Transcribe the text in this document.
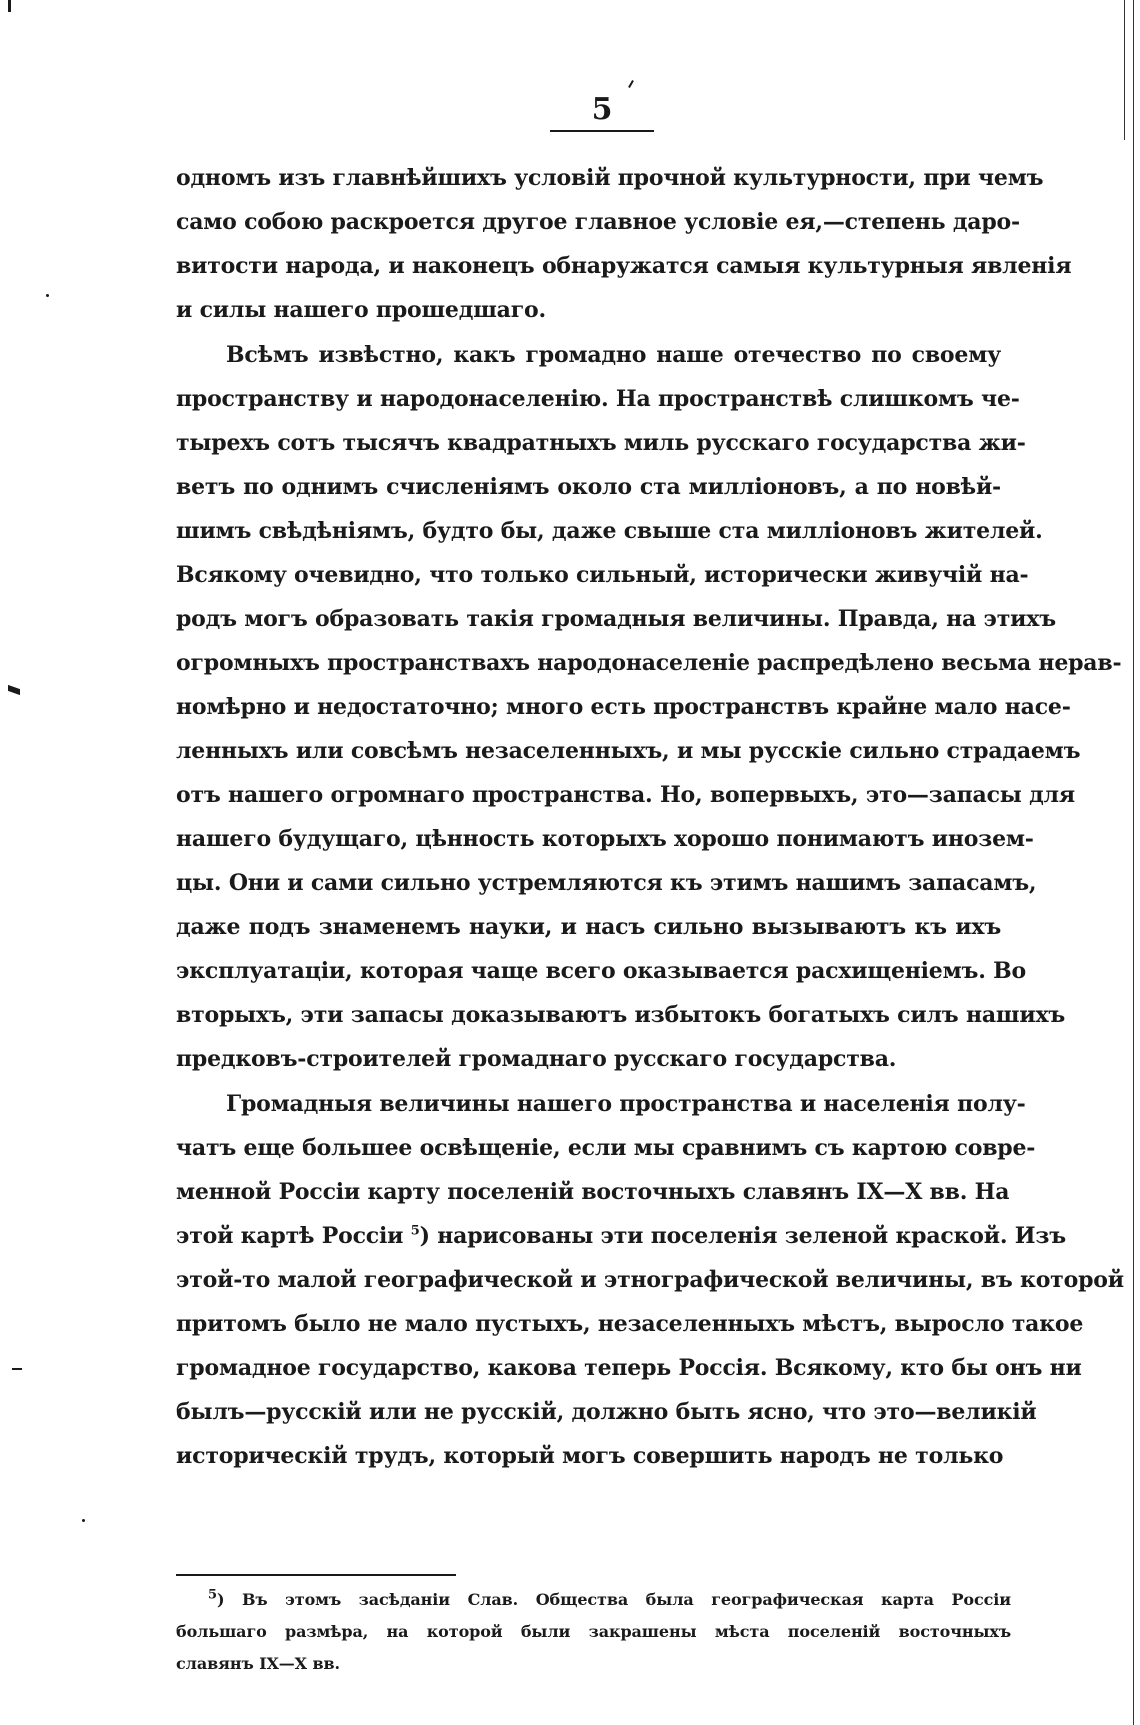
5
одномъ изъ главнѣйшихъ условій прочной культурности, при чемъ
само собою раскроется другое главное условіе ея,—степень даро-
витости народа, и наконецъ обнаружатся самыя культурныя явленія
и силы нашего прошедшаго.
Всѣмъ извѣстно, какъ громадно наше отечество по своему
пространству и народонаселенію. На пространствѣ слишкомъ че-
тырехъ сотъ тысячъ квадратныхъ миль русскаго государства жи-
ветъ по однимъ счисленіямъ около ста милліоновъ, а по новѣй-
шимъ свѣдѣніямъ, будто бы, даже свыше ста милліоновъ жителей.
Всякому очевидно, что только сильный, исторически живучій на-
родъ могъ образовать такія громадныя величины. Правда, на этихъ
огромныхъ пространствахъ народонаселеніе распредѣлено весьма нерав-
номѣрно и недостаточно; много есть пространствъ крайне мало насе-
ленныхъ или совсѣмъ незаселенныхъ, и мы русскіе сильно страдаемъ
отъ нашего огромнаго пространства. Но, вопервыхъ, это—запасы для
нашего будущаго, цѣнность которыхъ хорошо понимаютъ инозем-
цы. Они и сами сильно устремляются къ этимъ нашимъ запасамъ,
даже подъ знаменемъ науки, и насъ сильно вызываютъ къ ихъ
эксплуатаціи, которая чаще всего оказывается расхищеніемъ. Во
вторыхъ, эти запасы доказываютъ избытокъ богатыхъ силъ нашихъ
предковъ-строителей громаднаго русскаго государства.
Громадныя величины нашего пространства и населенія полу-
чатъ еще большее освѣщеніе, если мы сравнимъ съ картою совре-
менной Россіи карту поселеній восточныхъ славянъ IX—X вв. На
этой картѣ Россіи $^5$) нарисованы эти поселенія зеленой краской. Изъ
этой-то малой географической и этнографической величины, въ которой
притомъ было не мало пустыхъ, незаселенныхъ мѣстъ, выросло такое
громадное государство, какова теперь Россія. Всякому, кто бы онъ ни
былъ—русскій или не русскій, должно быть ясно, что это—великій
историческій трудъ, который могъ совершить народъ не только
$^5$) Въ этомъ засѣданіи Слав. Общества была географическая карта Россіи
большаго размѣра, на которой были закрашены мѣста поселеній восточныхъ
славянъ IX—X вв.
